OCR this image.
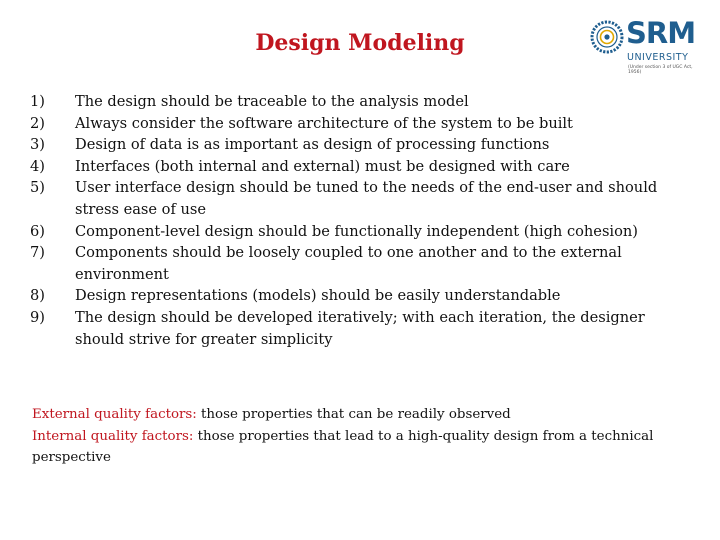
Design Modeling	SRM
UNIVERSITY
(Under section 3 of UGC Act, 1956)
1)	The design should be traceable to the analysis model
2)	Always consider the software architecture of the system to be built
3)	Design of data is as important as design of processing functions
4)	Interfaces (both internal and external) must be designed with care
5)	User interface design should be tuned to the needs of the end-user and should stress ease of use
6)	Component-level design should be functionally independent (high cohesion)
7)	Components should be loosely coupled to one another and to the external environment
8)	Design representations (models) should be easily understandable
9)	The design should be developed iteratively; with each iteration, the designer should strive for greater simplicity
External quality factors: those properties that can be readily observed
Internal quality factors: those properties that lead to a high-quality design from a technical perspective
